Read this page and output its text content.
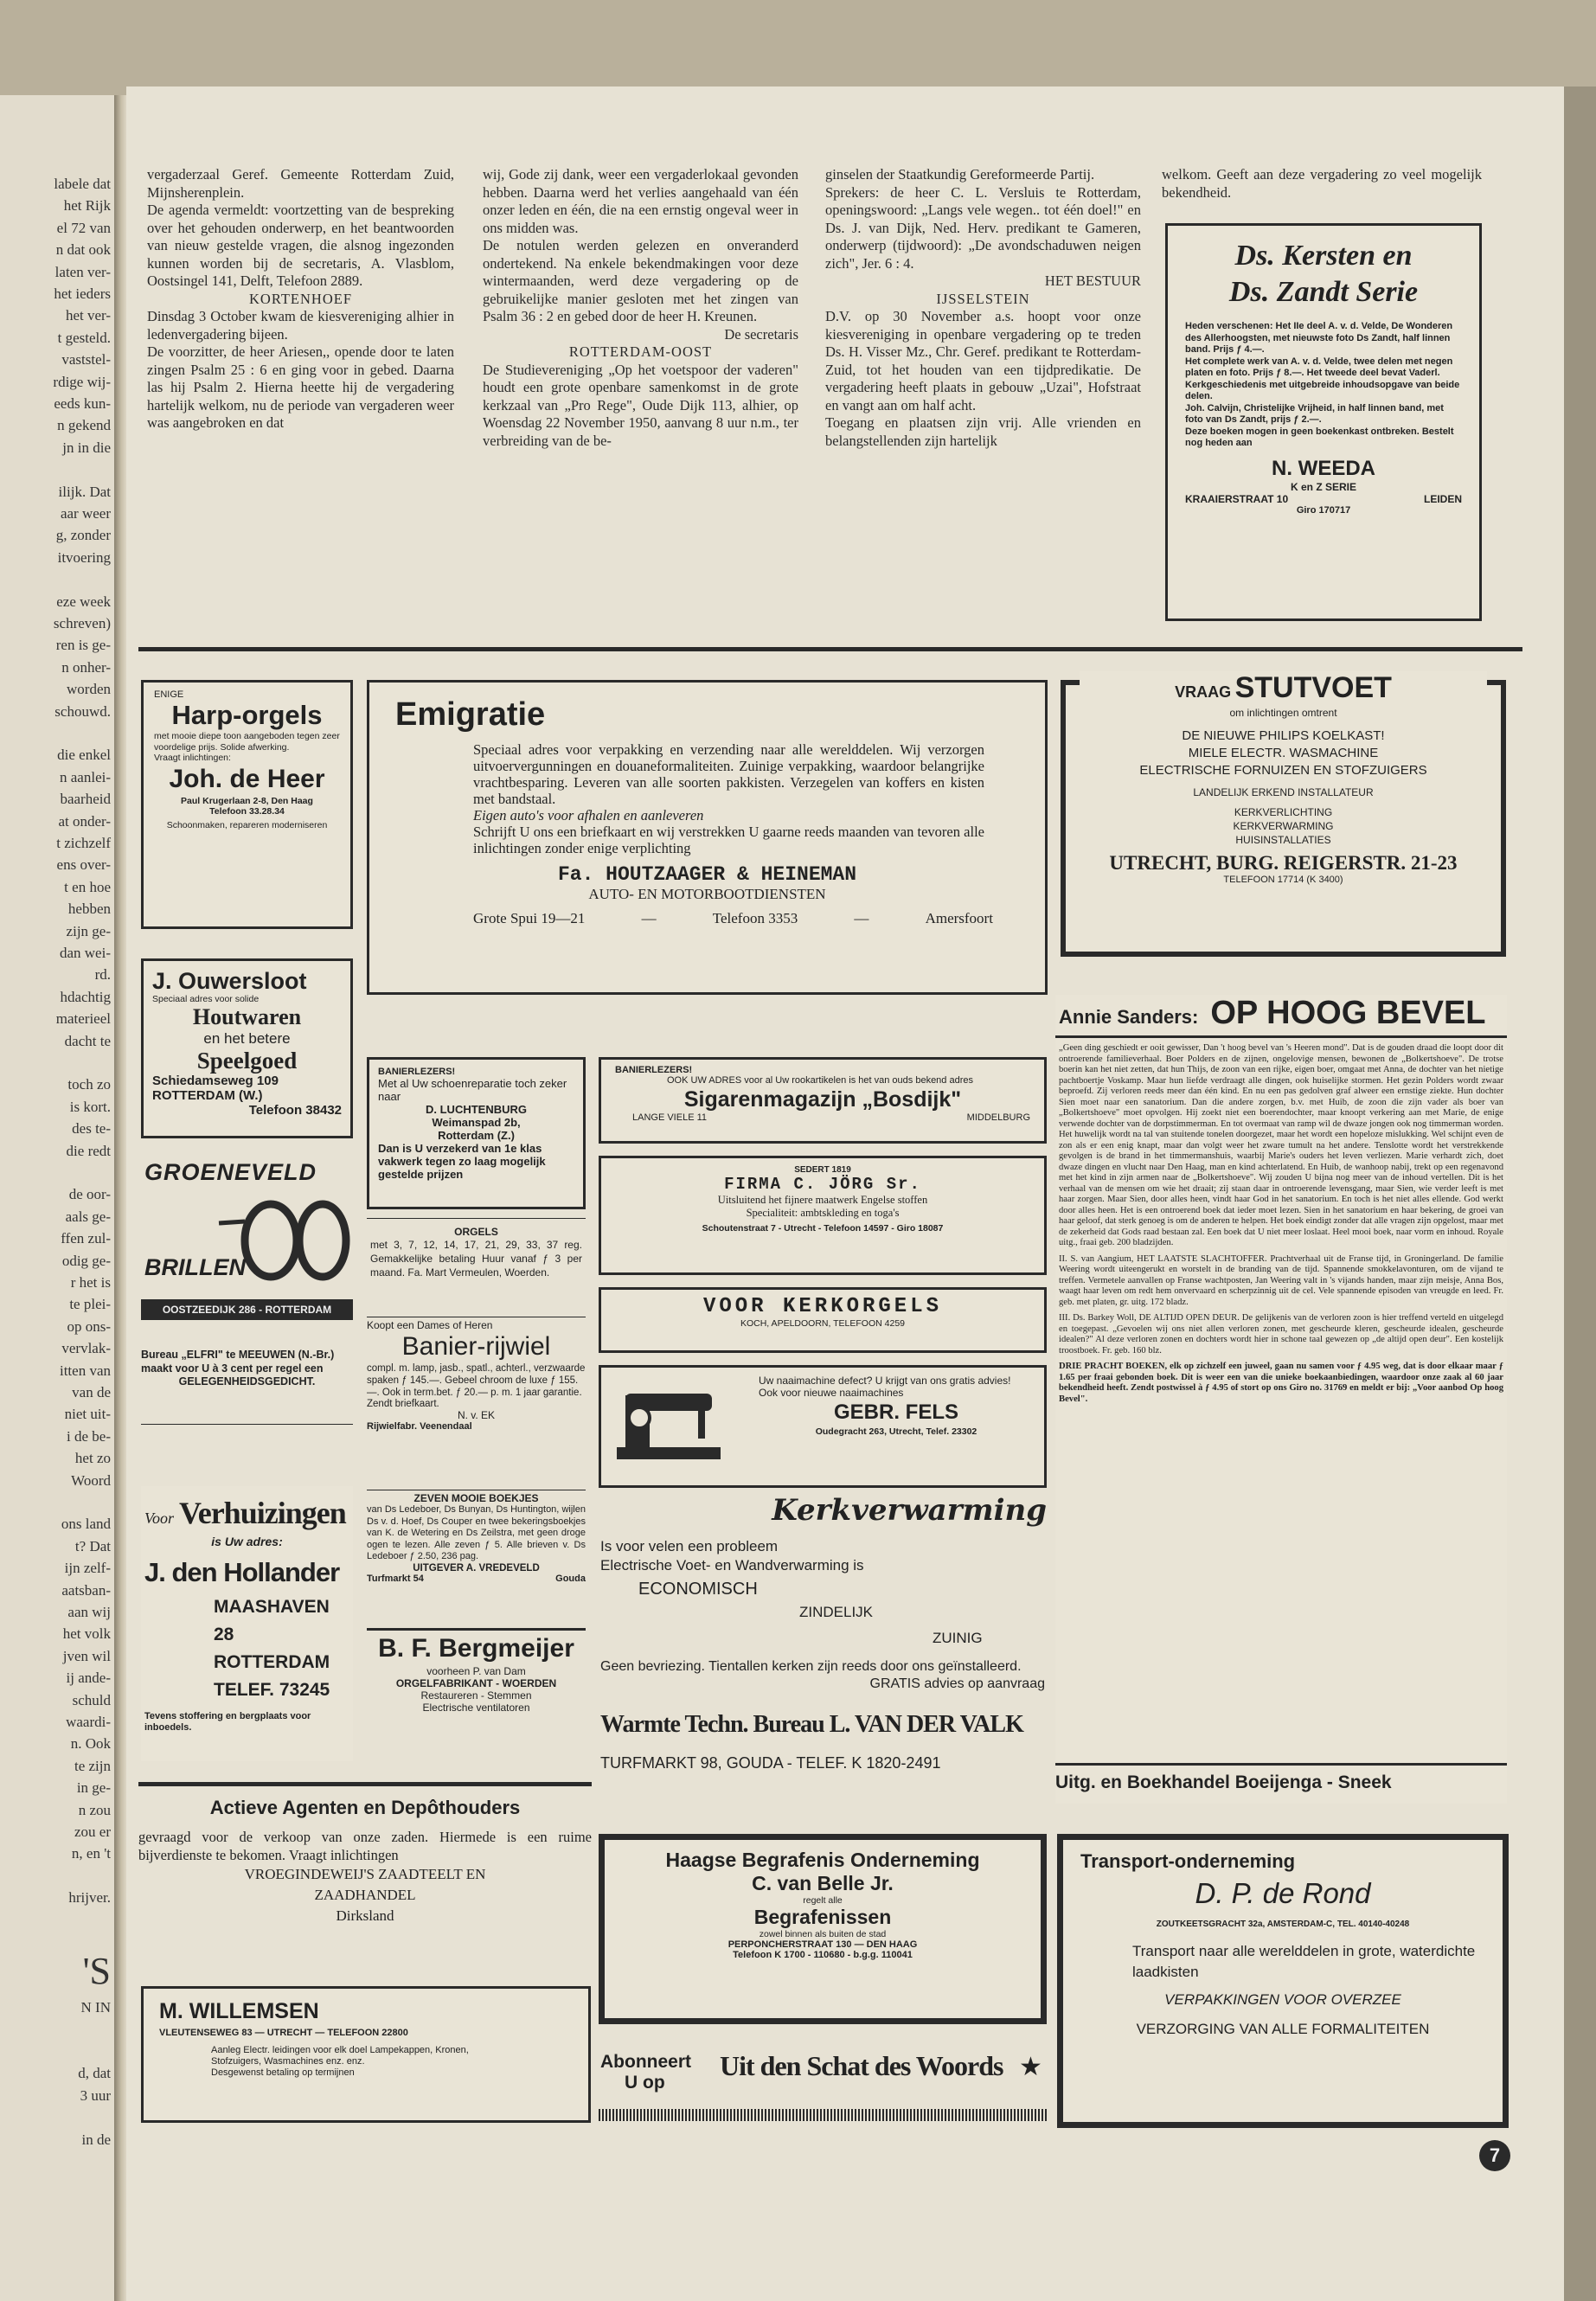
labele dat
het Rijk
el 72 van
n dat ook
laten ver-
het ieders
het ver-
t gesteld.
vaststel-
rdige wij-
eeds kun-
n gekend
jn in die
ilijk. Dat
aar weer
g, zonder
itvoering
eze week
schreven)
ren is ge-
n onher-
worden
schouwd.
die enkel
n aanlei-
baarheid
at onder-
t zichzelf
ens over-
t en hoe
hebben
zijn ge-
dan wei-
rd.
hdachtig
materieel
dacht te
toch zo
is kort.
des te-
die redt
de oor-
aals ge-
ffen zul-
odig ge-
r het is
te plei-
op ons-
vervlak-
itten van
van de
niet uit-
i de be-
het zo
Woord
ons land
t? Dat
ijn zelf-
aatsban-
aan wij
het volk
jven wil
ij ande-
schuld
waardi-
n. Ook
te zijn
in ge-
n zou
zou er
n, en 't
hrijver.
'S
N IN
d, dat
3 uur
in de

vergaderzaal Geref. Gemeente Rotterdam Zuid, Mijnsherenplein.

De agenda vermeldt: voortzetting van de bespreking over het gehouden onderwerp, en het beantwoorden van nieuw gestelde vragen, die alsnog ingezonden kunnen worden bij de secretaris, A. Vlasblom, Oostsingel 141, Delft, Telefoon 2889.

KORTENHOEF

Dinsdag 3 October kwam de kiesvereniging alhier in ledenvergadering bijeen.

De voorzitter, de heer Ariesen,, opende door te laten zingen Psalm 25 : 6 en ging voor in gebed. Daarna las hij Psalm 2. Hierna heette hij de vergadering hartelijk welkom, nu de periode van vergaderen weer was aangebroken en dat

wij, Gode zij dank, weer een vergaderlokaal gevonden hebben. Daarna werd het verlies aangehaald van één onzer leden en één, die na een ernstig ongeval weer in ons midden was.

De notulen werden gelezen en onveranderd ondertekend. Na enkele bekendmakingen voor deze wintermaanden, werd deze vergadering op de gebruikelijke manier gesloten met het zingen van Psalm 36 : 2 en gebed door de heer H. Kreunen.

De secretaris

ROTTERDAM-OOST

De Studievereniging „Op het voetspoor der vaderen" houdt een grote openbare samenkomst in de grote kerkzaal van „Pro Rege", Oude Dijk 113, alhier, op Woensdag 22 November 1950, aanvang 8 uur n.m., ter verbreiding van de be-

ginselen der Staatkundig Gereformeerde Partij.

Sprekers: de heer C. L. Versluis te Rotterdam, openingswoord: „Langs vele wegen.. tot één doel!" en Ds. J. van Dijk, Ned. Herv. predikant te Gameren, onderwerp (tijdwoord): „De avondschaduwen neigen zich", Jer. 6 : 4.

HET BESTUUR

IJSSELSTEIN

D.V. op 30 November a.s. hoopt voor onze kiesvereniging in openbare vergadering op te treden Ds. H. Visser Mz., Chr. Geref. predikant te Rotterdam-Zuid, tot het houden van een tijdpredikatie. De vergadering heeft plaats in gebouw „Uzai", Hofstraat en vangt aan om half acht.

Toegang en plaatsen zijn vrij. Alle vrienden en belangstellenden zijn hartelijk

welkom. Geeft aan deze vergadering zo veel mogelijk bekendheid.

Ds. Kersten en
Ds. Zandt Serie
Heden verschenen: Het IIe deel A. v. d. Velde, De Wonderen des Allerhoogsten, met nieuwste foto Ds Zandt, half linnen band. Prijs ƒ 4.—.
Het complete werk van A. v. d. Velde, twee delen met negen platen en foto. Prijs ƒ 8.—. Het tweede deel bevat Vaderl. Kerkgeschiedenis met uitgebreide inhoudsopgave van beide delen.
Joh. Calvijn, Christelijke Vrijheid, in half linnen band, met foto van Ds Zandt, prijs ƒ 2.—.
Deze boeken mogen in geen boekenkast ontbreken. Bestelt nog heden aan
N. WEEDA
K en Z SERIE
KRAAIERSTRAAT 10	LEIDEN
Giro 170717
ENIGE
Harp-orgels
met mooie diepe toon aangeboden tegen zeer voordelige prijs. Solide afwerking.
Vraagt inlichtingen:
Joh. de Heer
Paul Krugerlaan 2-8, Den Haag
Telefoon 33.28.34
Schoonmaken, repareren moderniseren
Emigratie
Speciaal adres voor verpakking en verzending naar alle werelddelen. Wij verzorgen uitvoervergunningen en douaneformaliteiten. Zuinige verpakking, waardoor belangrijke vrachtbesparing. Leveren van alle soorten pakkisten. Verzegelen van koffers en kisten met bandstaal.
Eigen auto's voor afhalen en aanleveren
Schrijft U ons een briefkaart en wij verstrekken U gaarne reeds maanden van tevoren alle inlichtingen zonder enige verplichting
Fa. HOUTZAAGER & HEINEMAN
AUTO- EN MOTORBOOTDIENSTEN
Grote Spui 19—21	—	Telefoon 3353	—	Amersfoort
VRAAG STUTVOET
om inlichtingen omtrent
DE NIEUWE PHILIPS KOELKAST!
MIELE ELECTR. WASMACHINE
ELECTRISCHE FORNUIZEN EN STOFZUIGERS
LANDELIJK ERKEND INSTALLATEUR
KERKVERLICHTING
KERKVERWARMING
HUISINSTALLATIES
UTRECHT, BURG. REIGERSTR. 21-23
TELEFOON 17714 (K 3400)
J. Ouwersloot
Speciaal adres voor solide
Houtwaren
en het betere
Speelgoed
Schiedamseweg 109
ROTTERDAM (W.)
Telefoon 38432
Annie Sanders: OP HOOG BEVEL
„Geen ding geschiedt er ooit gewisser, Dan 't hoog bevel van 's Heeren mond". Dat is de gouden draad die loopt door dit ontroerende familieverhaal. Boer Polders en de zijnen, ongelovige mensen, bewonen de „Bolkertshoeve". De trotse boerin kan het niet zetten, dat hun Thijs, de zoon van een rijke, eigen boer, omgaat met Anna, de dochter van het nietige pachtboertje Voskamp. Maar hun liefde verdraagt alle dingen, ook huiselijke stormen. Het gezin Polders wordt zwaar beproefd. Zij verloren reeds meer dan één kind. En nu een pas gedolven graf alweer een ernstige ziekte. Hun dochter Sien moet naar een sanatorium. Dan die andere zorgen, b.v. met Huib, de zoon die zijn vader als boer van „Bolkertshoeve" moet opvolgen. Hij zoekt niet een boerendochter, maar knoopt verkering aan met Marie, de enige verwende dochter van de dorpstimmerman. En tot overmaat van ramp wil de dwaze jongen ook nog timmerman worden. Het huwelijk wordt na tal van stuitende tonelen doorgezet, maar het wordt een hopeloze mislukking. Wel schijnt even de zon als er een enig knapt, maar dan volgt weer het zware tumult na het andere. Tenslotte wordt het verstrekkende gevolgen is de brand in het timmermanshuis, waarbij Marie's ouders het leven verliezen. Marie verhardt zich, doet dwaze dingen en vlucht naar Den Haag, man en kind achterlatend. En Huib, de wanhoop nabij, trekt op een regenavond met het kind in zijn armen naar de „Bolkertshoeve". Wij zouden U bijna nog meer van de inhoud vertellen. Dit is het verhaal van de mensen om wie het draait; zij staan daar in ontroerende levensgang, maar Sien, wie verder leeft is met haar zorgen. Maar Sien, door alles heen, vindt haar God in het sanatorium. En toch is het niet alles ellende. God werkt door alles heen. Het is een ontroerend boek dat ieder moet lezen. Sien in het sanatorium en haar bekering, de groei van haar geloof, dat sterk genoeg is om de anderen te helpen. Het boek eindigt zonder dat alle vragen zijn opgelost, maar met de zekerheid dat Gods raad bestaan zal. Een boek dat U niet meer loslaat. Heel mooi boek, naar vorm en inhoud. Royale uitg., fraai geb. 200 bladzijden.
II. S. van Aangium, HET LAATSTE SLACHTOFFER. Prachtverhaal uit de Franse tijd, in Groningerland. De familie Weering wordt uiteengerukt en worstelt in de branding van de tijd. Spannende smokkelavonturen, om de vijand te treffen. Vermetele aanvallen op Franse wachtposten, Jan Weering valt in 's vijands handen, maar zijn meisje, Anna Bos, waagt haar leven om redt hem onvervaard en scherpzinnig uit de cel. Vele spannende episoden van vreugde en leed. Fr. geb. met platen, gr. uitg. 172 bladz.
III. Ds. Barkey Woll, DE ALTIJD OPEN DEUR. De gelijkenis van de verloren zoon is hier treffend verteld en uitgelegd en toegepast. „Gevoelen wij ons niet allen verloren zonen, met gescheurde kleren, gescheurde idealen, gescheurde idealen?" Al deze verloren zonen en dochters wordt hier in schone taal gewezen op „de altijd open deur". Een kostelijk troostboek. Fr. geb. 160 blz.
DRIE PRACHT BOEKEN, elk op zichzelf een juweel, gaan nu samen voor ƒ 4.95 weg, dat is door elkaar maar ƒ 1.65 per fraai gebonden boek. Dit is weer een van die unieke boekaanbiedingen, waardoor onze zaak al 60 jaar bekendheid heeft. Zendt postwissel à ƒ 4.95 of stort op ons Giro no. 31769 en meldt er bij: „Voor aanbod Op hoog Bevel".
Uitg. en Boekhandel Boeijenga - Sneek
BANIERLEZERS!
Met al Uw schoenreparatie toch zeker naar
D. LUCHTENBURG
Weimanspad 2b,
Rotterdam (Z.)
Dan is U verzekerd van 1e klas vakwerk tegen zo laag mogelijk gestelde prijzen
BANIERLEZERS!
OOK UW ADRES voor al Uw rookartikelen is het van ouds bekend adres
Sigarenmagazijn „Bosdijk"
LANGE VIELE 11	MIDDELBURG
GROENEVELD
BRILLEN
OOSTZEEDIJK 286 - ROTTERDAM
ORGELS
met 3, 7, 12, 14, 17, 21, 29, 33, 37 reg. Gemakkelijke betaling Huur vanaf ƒ 3 per maand. Fa. Mart Vermeulen, Woerden.
SEDERT 1819
FIRMA C. JÖRG Sr.
Uitsluitend het fijnere maatwerk Engelse stoffen
Specialiteit: ambtskleding en toga's
Schoutenstraat 7 - Utrecht - Telefoon 14597 - Giro 18087
Bureau „ELFRI" te MEEUWEN (N.-Br.) maakt voor U à 3 cent per regel een
GELEGENHEIDSGEDICHT.
Koopt een Dames of Heren
Banier-rijwiel
compl. m. lamp, jasb., spatl., achterl., verzwaarde spaken ƒ 145.—. Gebeel chroom de luxe ƒ 155.—. Ook in term.bet. ƒ 20.— p. m. 1 jaar garantie.
Zendt briefkaart.
N. v. EK
Rijwielfabr. Veenendaal
VOOR KERKORGELS
KOCH, APELDOORN, TELEFOON 4259
Uw naaimachine defect? U krijgt van ons gratis advies!
Ook voor nieuwe naaimachines
GEBR. FELS
Oudegracht 263, Utrecht, Telef. 23302
ZEVEN MOOIE BOEKJES
van Ds Ledeboer, Ds Bunyan, Ds Huntington, wijlen Ds v. d. Hoef, Ds Couper en twee bekeringsboekjes van K. de Wetering en Ds Zeilstra, met geen droge ogen te lezen. Alle zeven ƒ 5. Alle brieven v. Ds Ledeboer ƒ 2.50, 236 pag.
UITGEVER A. VREDEVELD
Turfmarkt 54	Gouda
Voor Verhuizingen
is Uw adres:
J. den Hollander
MAASHAVEN 28
ROTTERDAM
TELEF. 73245
Tevens stoffering en bergplaats voor inboedels.
B. F. Bergmeijer
voorheen P. van Dam
ORGELFABRIKANT - WOERDEN
Restaureren - Stemmen
Electrische ventilatoren
Kerkverwarming
Is voor velen een probleem
Electrische Voet- en Wandverwarming is
ECONOMISCH
ZINDELIJK
ZUINIG
Geen bevriezing. Tientallen kerken zijn reeds door ons geïnstalleerd.
GRATIS advies op aanvraag
Warmte Techn. Bureau L. VAN DER VALK
TURFMARKT 98, GOUDA - TELEF. K 1820-2491
Actieve Agenten en Depôthouders
gevraagd voor de verkoop van onze zaden. Hiermede is een ruime bijverdienste te bekomen. Vraagt inlichtingen
VROEGINDEWEIJ'S ZAADTEELT EN
ZAADHANDEL
Dirksland
Haagse Begrafenis Onderneming
C. van Belle Jr.
regelt alle
Begrafenissen
zowel binnen als buiten de stad
PERPONCHERSTRAAT 130 — DEN HAAG
Telefoon K 1700 - 110680 - b.g.g. 110041
Transport-onderneming
D. P. de Rond
ZOUTKEETSGRACHT 32a, AMSTERDAM-C, TEL. 40140-40248
Transport naar alle werelddelen in grote, waterdichte laadkisten
VERPAKKINGEN VOOR OVERZEE
VERZORGING VAN ALLE FORMALITEITEN
M. WILLEMSEN
VLEUTENSEWEG 83 — UTRECHT — TELEFOON 22800
Aanleg Electr. leidingen voor elk doel Lampekappen, Kronen, Stofzuigers, Wasmachines enz. enz.
Desgewenst betaling op termijnen
Abonneert
U op
Uit den Schat des Woords ★
7
